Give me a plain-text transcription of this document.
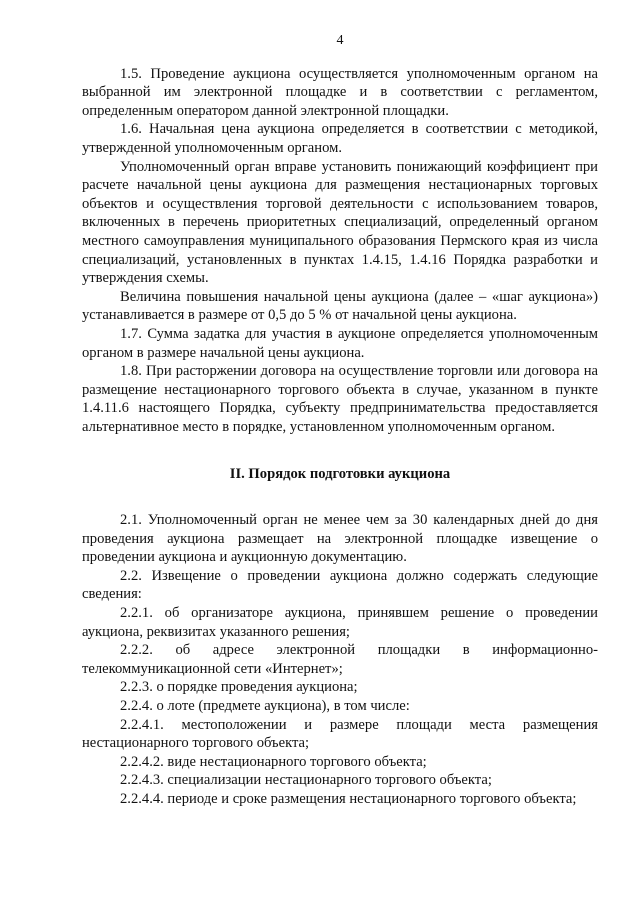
4

1.5. Проведение аукциона осуществляется уполномоченным органом на выбранной им электронной площадке и в соответствии с регламентом, определенным оператором данной электронной площадки.

1.6. Начальная цена аукциона определяется в соответствии с методикой, утвержденной уполномоченным органом.

Уполномоченный орган вправе установить понижающий коэффициент при расчете начальной цены аукциона для размещения нестационарных торговых объектов и осуществления торговой деятельности с использованием товаров, включенных в перечень приоритетных специализаций, определенный органом местного самоуправления муниципального образования Пермского края из числа специализаций, установленных в пунктах 1.4.15, 1.4.16 Порядка разработки и утверждения схемы.

Величина повышения начальной цены аукциона (далее – «шаг аукциона») устанавливается в размере от 0,5 до 5 % от начальной цены аукциона.

1.7. Сумма задатка для участия в аукционе определяется уполномоченным органом в размере начальной цены аукциона.

1.8. При расторжении договора на осуществление торговли или договора на размещение нестационарного торгового объекта в случае, указанном в пункте 1.4.11.6 настоящего Порядка, субъекту предпринимательства предоставляется альтернативное место в порядке, установленном уполномоченным органом.

II. Порядок подготовки аукциона

2.1. Уполномоченный орган не менее чем за 30 календарных дней до дня проведения аукциона размещает на электронной площадке извещение о проведении аукциона и аукционную документацию.

2.2. Извещение о проведении аукциона должно содержать следующие сведения:

2.2.1. об организаторе аукциона, принявшем решение о проведении аукциона, реквизитах указанного решения;

2.2.2. об адресе электронной площадки в информационно-телекоммуникационной сети «Интернет»;

2.2.3. о порядке проведения аукциона;

2.2.4. о лоте (предмете аукциона), в том числе:

2.2.4.1. местоположении и размере площади места размещения нестационарного торгового объекта;

2.2.4.2. виде нестационарного торгового объекта;

2.2.4.3. специализации нестационарного торгового объекта;

2.2.4.4. периоде и сроке размещения нестационарного торгового объекта;
